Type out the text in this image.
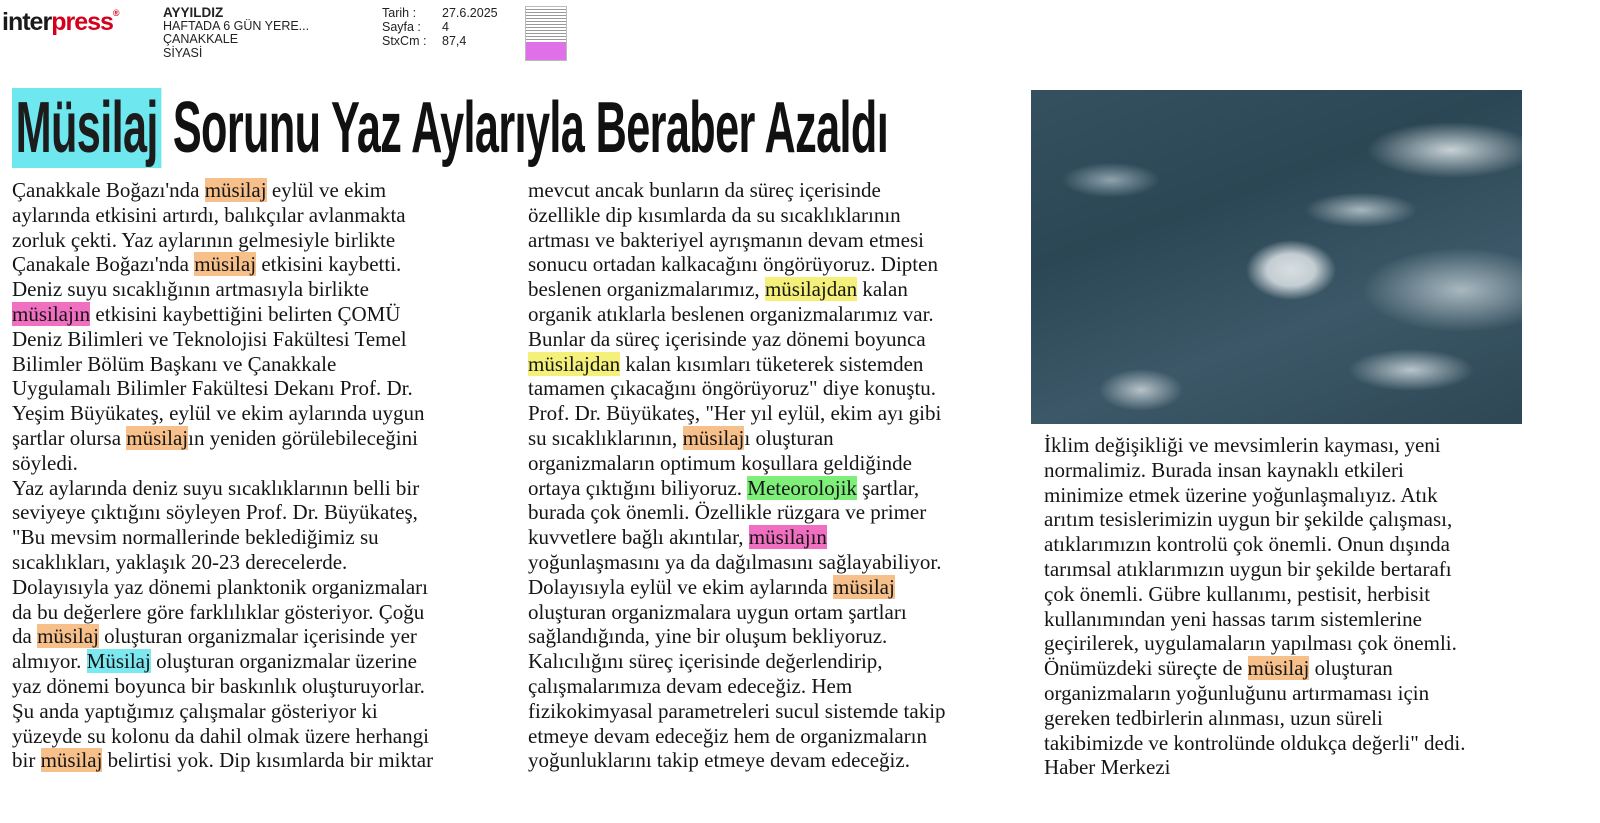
interpress®	AYYILDIZ
HAFTADA 6 GÜN YERE...
ÇANAKKALE
SİYASİ
Tarih :	27.6.2025
Sayfa :	4
StxCm :	87,4
Müsilaj Sorunu Yaz Aylarıyla Beraber Azaldı

Çanakkale Boğazı'nda müsilaj eylül ve ekim

aylarında etkisini artırdı, balıkçılar avlanmakta

zorluk çekti. Yaz aylarının gelmesiyle birlikte

Çanakale Boğazı'nda müsilaj etkisini kaybetti.

Deniz suyu sıcaklığının artmasıyla birlikte

müsilajın etkisini kaybettiğini belirten ÇOMÜ

Deniz Bilimleri ve Teknolojisi Fakültesi Temel

Bilimler Bölüm Başkanı ve Çanakkale

Uygulamalı Bilimler Fakültesi Dekanı Prof. Dr.

Yeşim Büyükateş, eylül ve ekim aylarında uygun

şartlar olursa müsilajın yeniden görülebileceğini

söyledi.

Yaz aylarında deniz suyu sıcaklıklarının belli bir

seviyeye çıktığını söyleyen Prof. Dr. Büyükateş,

"Bu mevsim normallerinde beklediğimiz su

sıcaklıkları, yaklaşık 20-23 derecelerde.

Dolayısıyla yaz dönemi planktonik organizmaları

da bu değerlere göre farklılıklar gösteriyor. Çoğu

da müsilaj oluşturan organizmalar içerisinde yer

almıyor. Müsilaj oluşturan organizmalar üzerine

yaz dönemi boyunca bir baskınlık oluşturuyorlar.

Şu anda yaptığımız çalışmalar gösteriyor ki

yüzeyde su kolonu da dahil olmak üzere herhangi

bir müsilaj belirtisi yok. Dip kısımlarda bir miktar

mevcut ancak bunların da süreç içerisinde

özellikle dip kısımlarda da su sıcaklıklarının

artması ve bakteriyel ayrışmanın devam etmesi

sonucu ortadan kalkacağını öngörüyoruz. Dipten

beslenen organizmalarımız, müsilajdan kalan

organik atıklarla beslenen organizmalarımız var.

Bunlar da süreç içerisinde yaz dönemi boyunca

müsilajdan kalan kısımları tüketerek sistemden

tamamen çıkacağını öngörüyoruz" diye konuştu.

Prof. Dr. Büyükateş, "Her yıl eylül, ekim ayı gibi

su sıcaklıklarının, müsilajı oluşturan

organizmaların optimum koşullara geldiğinde

ortaya çıktığını biliyoruz. Meteorolojik şartlar,

burada çok önemli. Özellikle rüzgara ve primer

kuvvetlere bağlı akıntılar, müsilajın

yoğunlaşmasını ya da dağılmasını sağlayabiliyor.

Dolayısıyla eylül ve ekim aylarında müsilaj

oluşturan organizmalara uygun ortam şartları

sağlandığında, yine bir oluşum bekliyoruz.

Kalıcılığını süreç içerisinde değerlendirip,

çalışmalarımıza devam edeceğiz. Hem

fizikokimyasal parametreleri sucul sistemde takip

etmeye devam edeceğiz hem de organizmaların

yoğunluklarını takip etmeye devam edeceğiz.

İklim değişikliği ve mevsimlerin kayması, yeni

normalimiz. Burada insan kaynaklı etkileri

minimize etmek üzerine yoğunlaşmalıyız. Atık

arıtım tesislerimizin uygun bir şekilde çalışması,

atıklarımızın kontrolü çok önemli. Onun dışında

tarımsal atıklarımızın uygun bir şekilde bertarafı

çok önemli. Gübre kullanımı, pestisit, herbisit

kullanımından yeni hassas tarım sistemlerine

geçirilerek, uygulamaların yapılması çok önemli.

Önümüzdeki süreçte de müsilaj oluşturan

organizmaların yoğunluğunu artırmaması için

gereken tedbirlerin alınması, uzun süreli

takibimizde ve kontrolünde oldukça değerli" dedi.

Haber Merkezi
